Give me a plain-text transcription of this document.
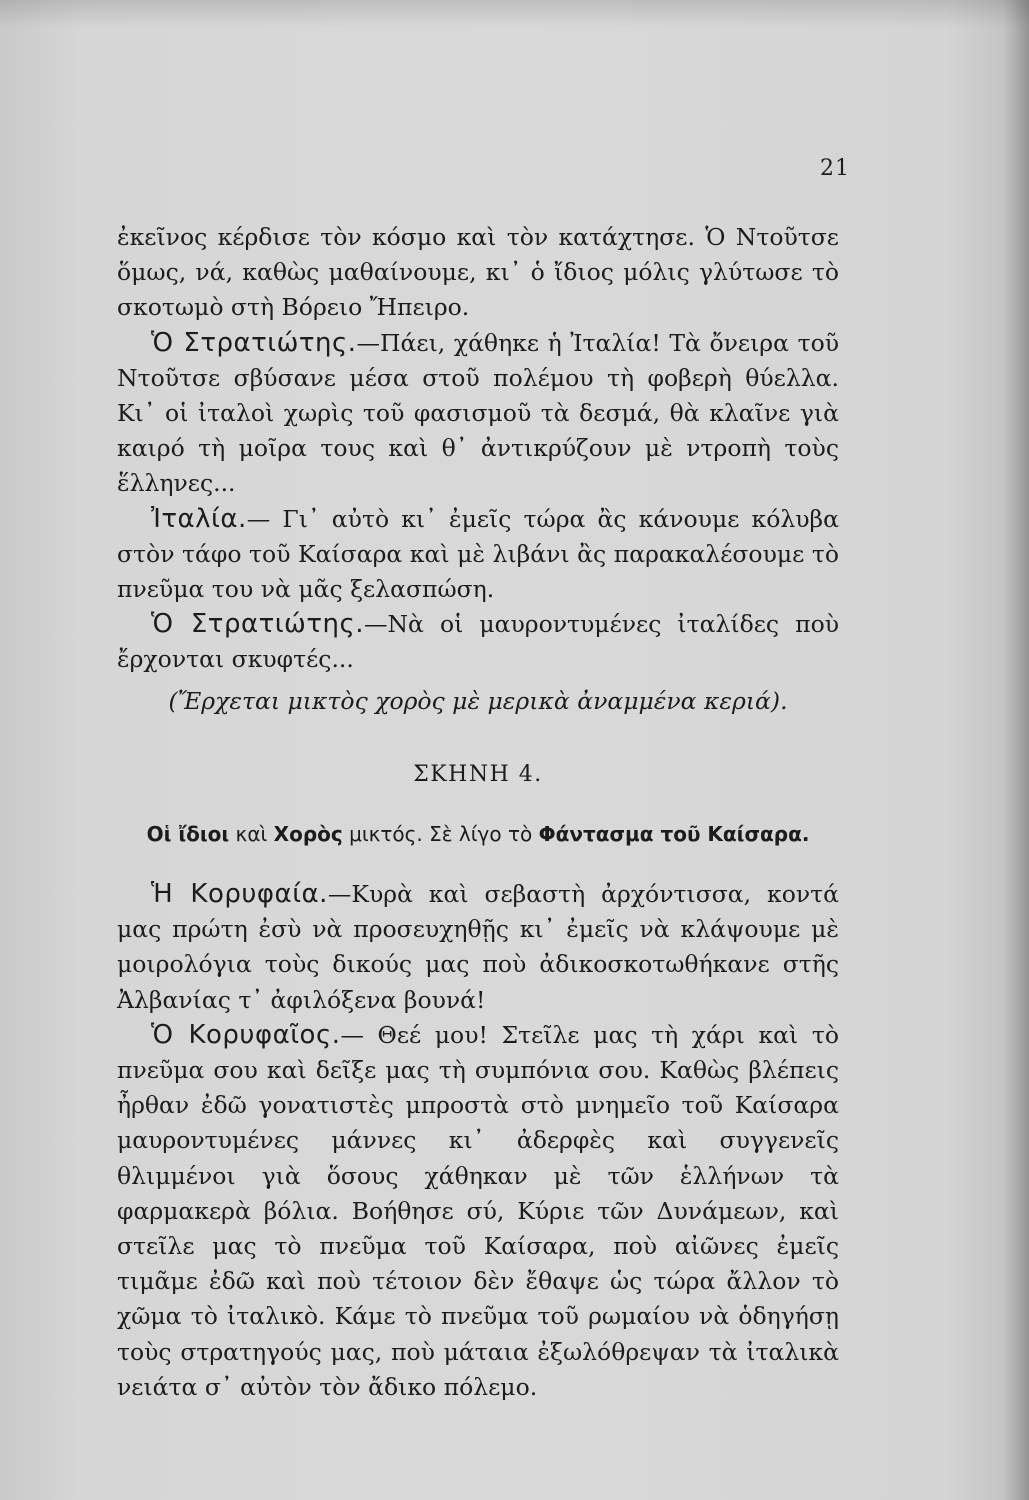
21

ἐκεῖνος κέρδισε τὸν κόσμο καὶ τὸν κατάχτησε. Ὁ Ντοῦτσε ὅμως, νά, καθὼς μαθαίνουμε, κι᾽ ὁ ἴδιος μόλις γλύτωσε τὸ σκοτωμὸ στὴ Βόρειο Ἤπειρο.

Ὁ Στρατιώτης.—Πάει, χάθηκε ἡ Ἰταλία! Τὰ ὄνειρα τοῦ Ντοῦτσε σβύσανε μέσα στοῦ πολέμου τὴ φοβερὴ θύελλα. Κι᾽ οἱ ἰταλοὶ χωρὶς τοῦ φασισμοῦ τὰ δεσμά, θὰ κλαῖνε γιὰ καιρό τὴ μοῖρα τους καὶ θ᾽ ἀντικρύζουν μὲ ντροπὴ τοὺς ἕλληνες...

Ἰταλία.— Γι᾽ αὐτὸ κι᾽ ἐμεῖς τώρα ἂς κάνουμε κόλυβα στὸν τάφο τοῦ Καίσαρα καὶ μὲ λιβάνι ἂς παρακαλέσουμε τὸ πνεῦμα του νὰ μᾶς ξελασπώση.

Ὁ Στρατιώτης.—Νὰ οἱ μαυροντυμένες ἰταλίδες ποὺ ἔρχονται σκυφτές...

(Ἔρχεται μικτὸς χορὸς μὲ μερικὰ ἀναμμένα κεριά).

ΣΚΗΝΗ 4.

Οἱ ἴδιοι καὶ Χορὸς μικτός. Σὲ λίγο τὸ Φάντασμα τοῦ Καίσαρα.

Ἡ Κορυφαία.—Κυρὰ καὶ σεβαστὴ ἀρχόντισσα, κοντά μας πρώτη ἐσὺ νὰ προσευχηθῇς κι᾽ ἐμεῖς νὰ κλάψουμε μὲ μοιρολόγια τοὺς δικούς μας ποὺ ἀδικοσκοτωθήκανε στῆς Ἀλβανίας τ᾽ ἀφιλόξενα βουνά!

Ὁ Κορυφαῖος.— Θεέ μου! Στεῖλε μας τὴ χάρι καὶ τὸ πνεῦμα σου καὶ δεῖξε μας τὴ συμπόνια σου. Καθὼς βλέπεις ἦρθαν ἐδῶ γονατιστὲς μπροστὰ στὸ μνημεῖο τοῦ Καίσαρα μαυροντυμένες μάννες κι᾽ ἀδερφὲς καὶ συγγενεῖς θλιμμένοι γιὰ ὅσους χάθηκαν μὲ τῶν ἑλλήνων τὰ φαρμακερὰ βόλια. Βοήθησε σύ, Κύριε τῶν Δυνάμεων, καὶ στεῖλε μας τὸ πνεῦμα τοῦ Καίσαρα, ποὺ αἰῶνες ἐμεῖς τιμᾶμε ἐδῶ καὶ ποὺ τέτοιον δὲν ἔθαψε ὡς τώρα ἄλλον τὸ χῶμα τὸ ἰταλικὸ. Κάμε τὸ πνεῦμα τοῦ ρωμαίου νὰ ὁδηγήσῃ τοὺς στρατηγούς μας, ποὺ μάταια ἐξωλόθρεψαν τὰ ἰταλικὰ νειάτα σ᾽ αὐτὸν τὸν ἄδικο πόλεμο.
